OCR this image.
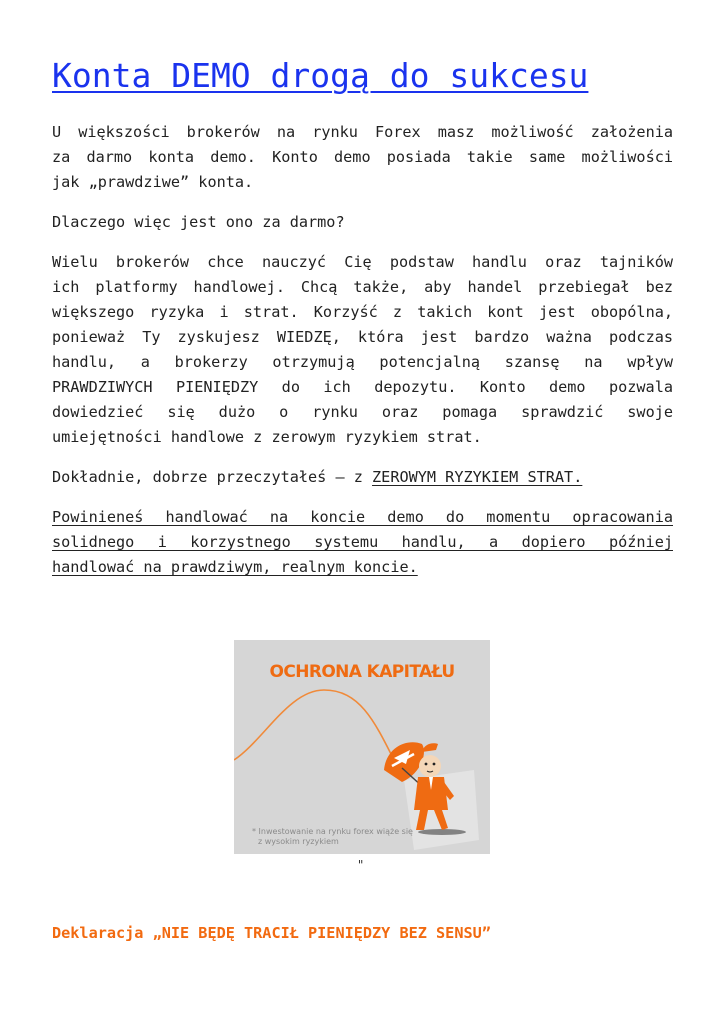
Konta DEMO drogą do sukcesu

U większości brokerów na rynku Forex masz możliwość założenia
za darmo konta demo. Konto demo posiada takie same możliwości
jak „prawdziwe” konta.

Dlaczego więc jest ono za darmo?

Wielu brokerów chce nauczyć Cię podstaw handlu oraz tajników
ich platformy handlowej. Chcą także, aby handel przebiegał bez
większego ryzyka i strat. Korzyść z takich kont jest obopólna,
ponieważ Ty zyskujesz WIEDZĘ, która jest bardzo ważna podczas
handlu, a brokerzy otrzymują potencjalną szansę na wpływ
PRAWDZIWYCH PIENIĘDZY do ich depozytu. Konto demo pozwala
dowiedzieć się dużo o rynku oraz pomaga sprawdzić swoje
umiejętności handlowe z zerowym ryzykiem strat.

Dokładnie, dobrze przeczytałeś – z ZEROWYM RYZYKIEM STRAT.

Powinieneś handlować na koncie demo do momentu opracowania
solidnego i korzystnego systemu handlu, a dopiero później
handlować na prawdziwym, realnym koncie.

OCHRONA KAPITAŁU
* Inwestowanie na rynku forex wiąże się
z wysokim ryzykiem
"
Deklaracja „NIE BĘDĘ TRACIŁ PIENIĘDZY BEZ SENSU”
